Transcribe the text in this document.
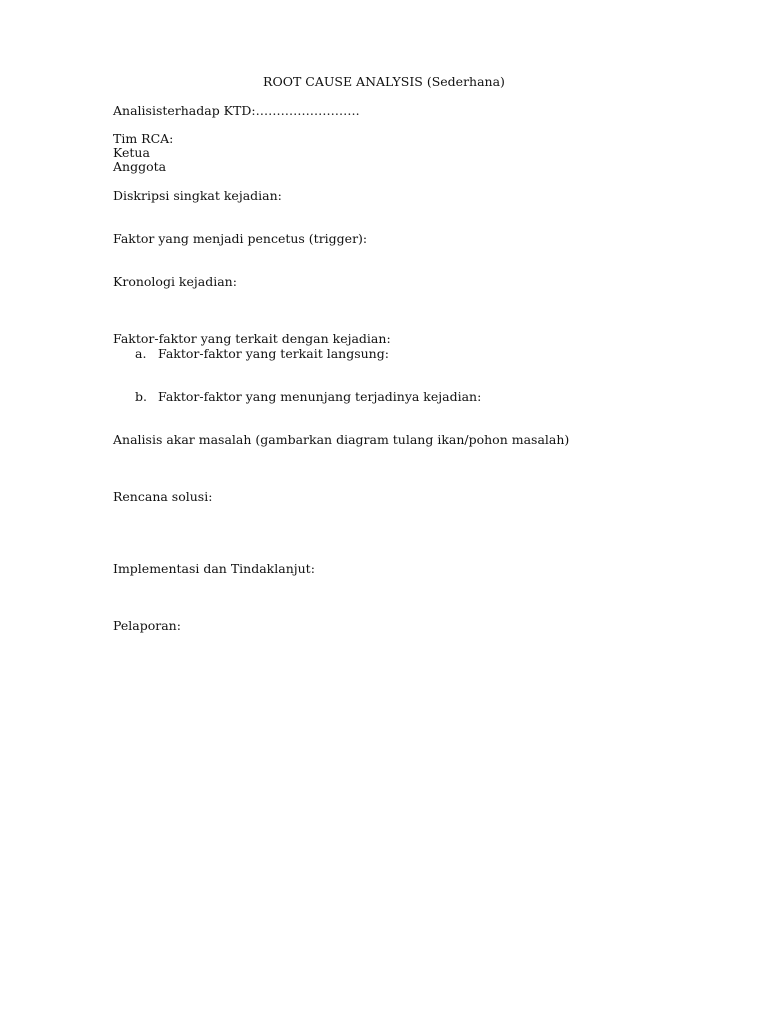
ROOT CAUSE ANALYSIS (Sederhana)
Analisisterhadap KTD:…………………….
Tim RCA:
Ketua
Anggota
Diskripsi singkat kejadian:
Faktor yang menjadi pencetus (trigger):
Kronologi kejadian:
Faktor-faktor yang terkait dengan kejadian:
a. Faktor-faktor yang terkait langsung:
b. Faktor-faktor yang menunjang terjadinya kejadian:
Analisis akar masalah (gambarkan diagram tulang ikan/pohon masalah)
Rencana solusi:
Implementasi dan Tindaklanjut:
Pelaporan:
